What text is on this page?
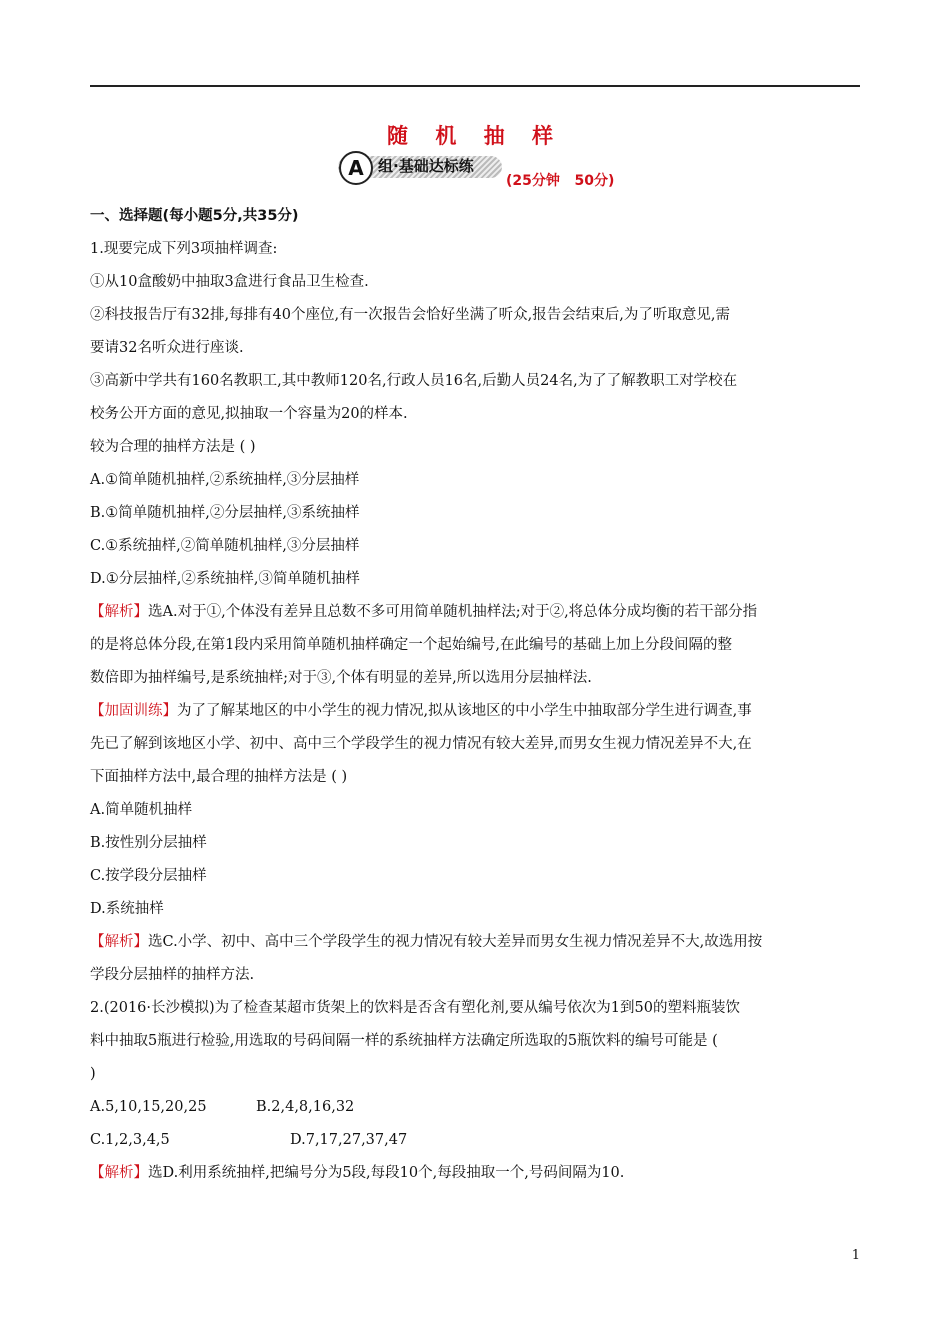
随 机 抽 样
A 组·基础达标练
(25分钟   50分)
一、选择题(每小题5分,共35分)
1.现要完成下列3项抽样调查:
①从10盒酸奶中抽取3盒进行食品卫生检查.
②科技报告厅有32排,每排有40个座位,有一次报告会恰好坐满了听众,报告会结束后,为了听取意见,需
要请32名听众进行座谈.
③高新中学共有160名教职工,其中教师120名,行政人员16名,后勤人员24名,为了了解教职工对学校在
校务公开方面的意见,拟抽取一个容量为20的样本.
较为合理的抽样方法是 ( )
A.①简单随机抽样,②系统抽样,③分层抽样
B.①简单随机抽样,②分层抽样,③系统抽样
C.①系统抽样,②简单随机抽样,③分层抽样
D.①分层抽样,②系统抽样,③简单随机抽样
【解析】选A.对于①,个体没有差异且总数不多可用简单随机抽样法;对于②,将总体分成均衡的若干部分指
的是将总体分段,在第1段内采用简单随机抽样确定一个起始编号,在此编号的基础上加上分段间隔的整
数倍即为抽样编号,是系统抽样;对于③,个体有明显的差异,所以选用分层抽样法.
【加固训练】为了了解某地区的中小学生的视力情况,拟从该地区的中小学生中抽取部分学生进行调查,事
先已了解到该地区小学、初中、高中三个学段学生的视力情况有较大差异,而男女生视力情况差异不大,在
下面抽样方法中,最合理的抽样方法是 ( )
A.简单随机抽样
B.按性别分层抽样
C.按学段分层抽样
D.系统抽样
【解析】选C.小学、初中、高中三个学段学生的视力情况有较大差异而男女生视力情况差异不大,故选用按
学段分层抽样的抽样方法.
2.(2016·长沙模拟)为了检查某超市货架上的饮料是否含有塑化剂,要从编号依次为1到50的塑料瓶装饮
料中抽取5瓶进行检验,用选取的号码间隔一样的系统抽样方法确定所选取的5瓶饮料的编号可能是 (
)
A.5,10,15,20,25	B.2,4,8,16,32
C.1,2,3,4,5	D.7,17,27,37,47
【解析】选D.利用系统抽样,把编号分为5段,每段10个,每段抽取一个,号码间隔为10.
1
